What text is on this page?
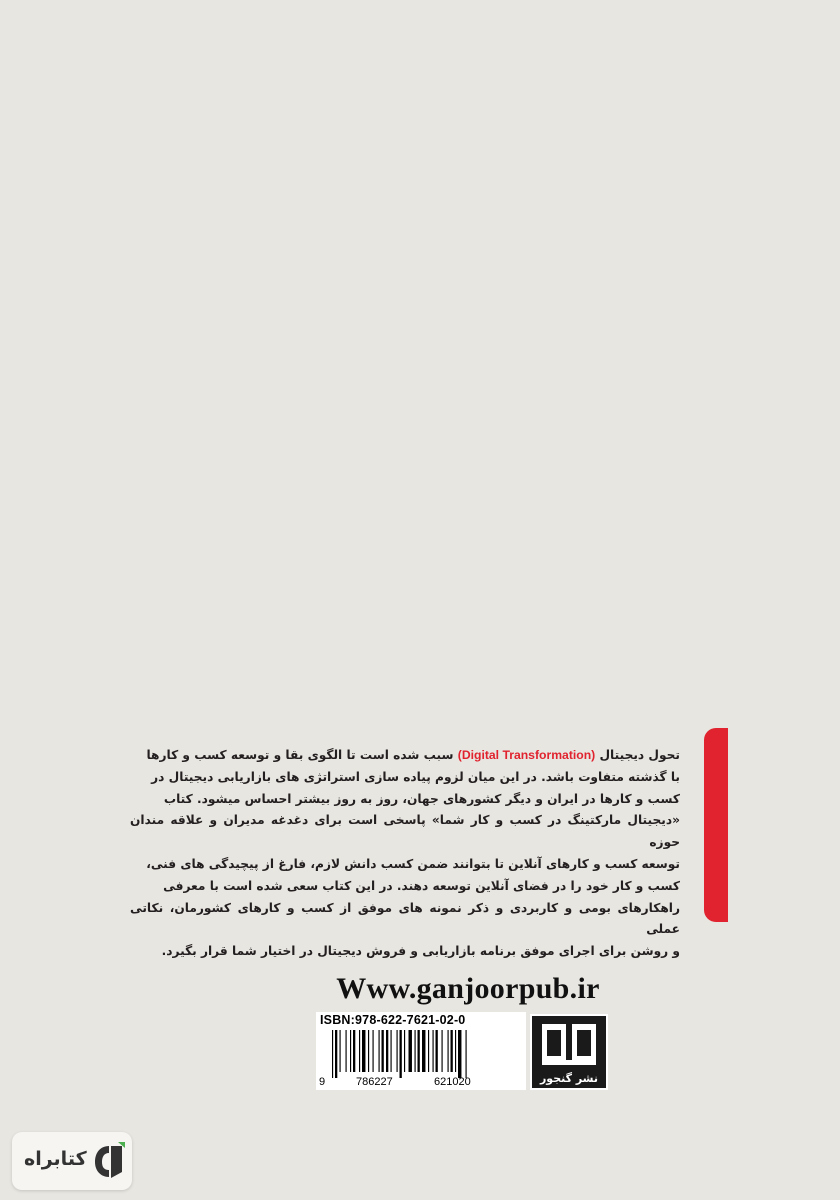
تحول دیجیتال (Digital Transformation) سبب شده است تا الگوی بقا و توسعه کسب و کارها

با گذشته متفاوت باشد. در این میان لزوم پیاده سازی استراتژی های بازاریابی دیجیتال در

کسب و کارها در ایران و دیگر کشورهای جهان، روز به روز بیشتر احساس میشود. کتاب

«دیجیتال مارکتینگ در کسب و کار شما» پاسخی است برای دغدغه مدیران و علاقه مندان حوزه

توسعه کسب و کارهای آنلاین تا بتوانند ضمن کسب دانش لازم، فارغ از پیچیدگی های فنی،

کسب و کار خود را در فضای آنلاین توسعه دهند. در این کتاب سعی شده است با معرفی

راهکارهای بومی و کاربردی و ذکر نمونه های موفق از کسب و کارهای کشورمان، نکاتی عملی

و روشن برای اجرای موفق برنامه بازاریابی و فروش دیجیتال در اختیار شما قرار بگیرد.

Www.ganjoorpub.ir
ISBN:978-622-7621-02-0
9	786227	621020	نشر گنجور
کتابراه
